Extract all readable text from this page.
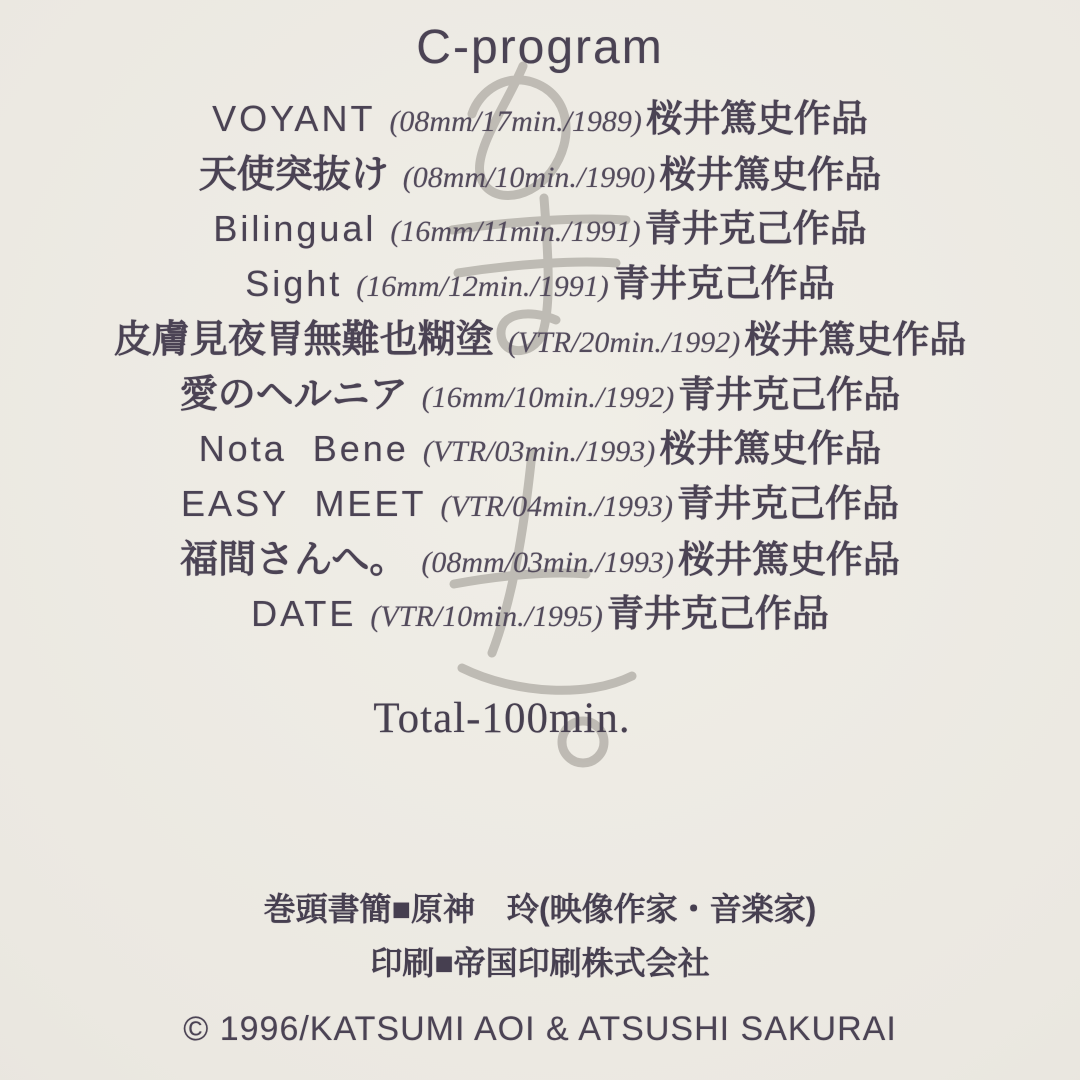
C-program
VOYANT (08mm/17min./1989) 桜井篤史作品
天使突抜け (08mm/10min./1990) 桜井篤史作品
Bilingual (16mm/11min./1991) 青井克己作品
Sight (16mm/12min./1991) 青井克己作品
皮膚見夜胃無難也糊塗 (VTR/20min./1992) 桜井篤史作品
愛のヘルニア (16mm/10min./1992) 青井克己作品
Nota  Bene (VTR/03min./1993) 桜井篤史作品
EASY  MEET (VTR/04min./1993) 青井克己作品
福間さんへ。 (08mm/03min./1993) 桜井篤史作品
DATE (VTR/10min./1995) 青井克己作品
Total-100min.
巻頭書簡■原神　玲(映像作家・音楽家)
印刷■帝国印刷株式会社
© 1996/KATSUMI AOI & ATSUSHI SAKURAI
